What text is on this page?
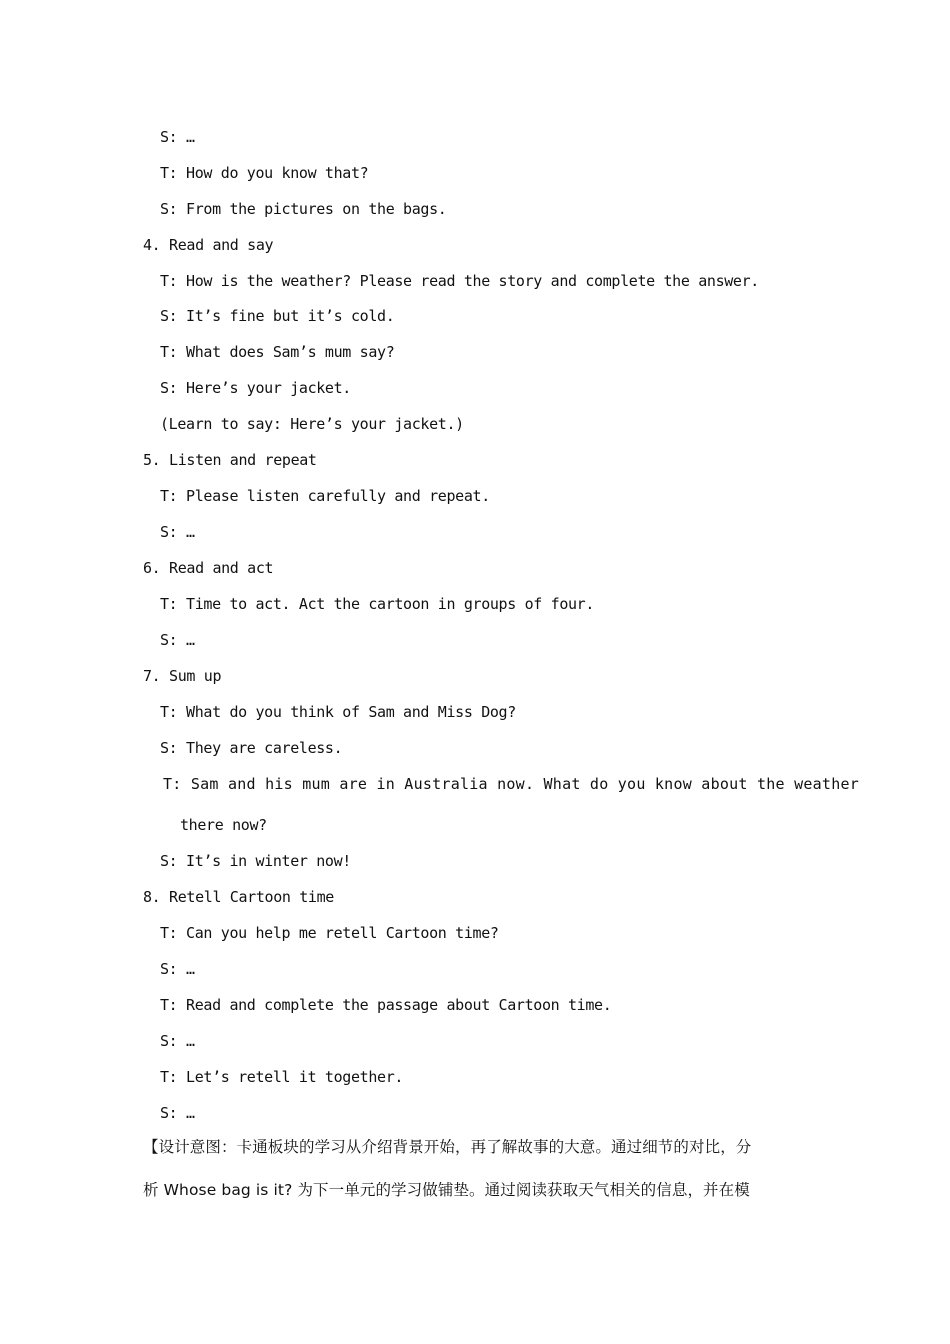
S: …
T: How do you know that?
S: From the pictures on the bags.
4. Read and say
T: How is the weather? Please read the story and complete the answer.
S: It’s fine but it’s cold.
T: What does Sam’s mum say?
S: Here’s your jacket.
(Learn to say: Here’s your jacket.)
5. Listen and repeat
T: Please listen carefully and repeat.
S: …
6. Read and act
T: Time to act. Act the cartoon in groups of four.
S: …
7. Sum up
T: What do you think of Sam and Miss Dog?
S: They are careless.
T: Sam and his mum are in Australia now. What do you know about the weather
there now?
S: It’s in winter now!
8. Retell Cartoon time
T: Can you help me retell Cartoon time?
S: …
T: Read and complete the passage about Cartoon time.
S: …
T: Let’s retell it together.
S: …
【设计意图：卡通板块的学习从介绍背景开始，再了解故事的大意。通过细节的对比，分
析 Whose bag is it? 为下一单元的学习做铺垫。通过阅读获取天气相关的信息，并在模
